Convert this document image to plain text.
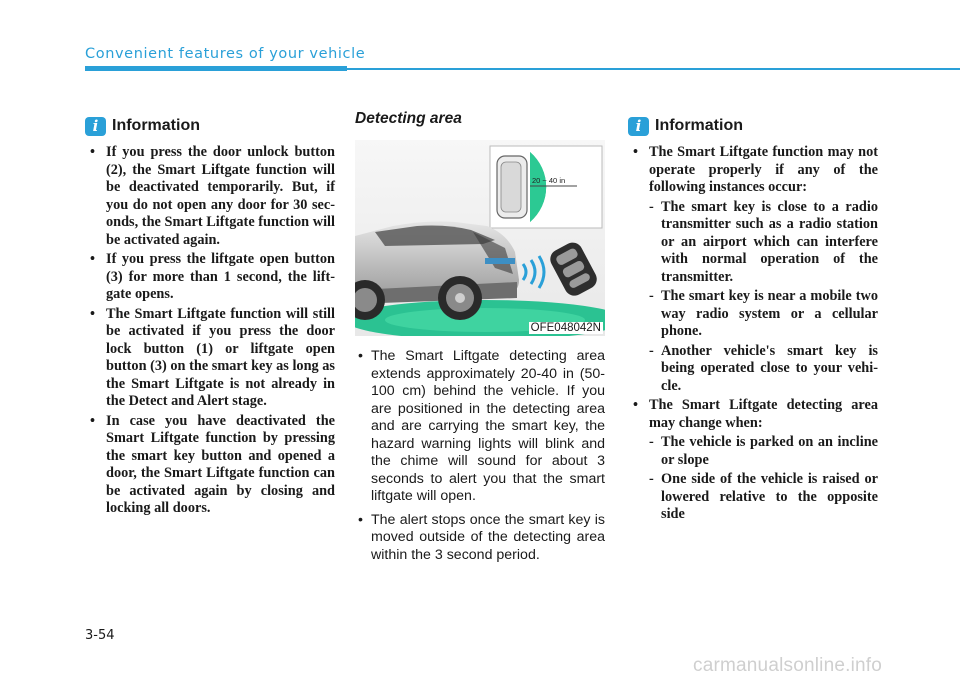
Convenient features of your vehicle
i Information
• If you press the door unlock button (2), the Smart Liftgate function will be deactivated temporarily. But, if you do not open any door for 30 sec-onds, the Smart Liftgate function will be activated again.
• If you press the liftgate open button (3) for more than 1 second, the lift-gate opens.
• The Smart Liftgate function will still be activated if you press the door lock button (1) or liftgate open button (3) on the smart key as long as the Smart Liftgate is not already in the Detect and Alert stage.
• In case you have deactivated the Smart Liftgate function by pressing the smart key button and opened a door, the Smart Liftgate function can be activated again by closing and locking all doors.
Detecting area
20 ~ 40 in
OFE048042N
• The Smart Liftgate detecting area extends approximately 20-40 in (50-100 cm) behind the vehicle. If you are positioned in the detecting area and are carrying the smart key, the hazard warning lights will blink and the chime will sound for about 3 seconds to alert you that the smart liftgate will open.
• The alert stops once the smart key is moved outside of the detecting area within the 3 second period.
i Information
• The Smart Liftgate function may not operate properly if any of the following instances occur:
- The smart key is close to a radio transmitter such as a radio station or an airport which can interfere with normal operation of the transmitter.
- The smart key is near a mobile two way radio system or a cellular phone.
- Another vehicle's smart key is being operated close to your vehi-cle.
• The Smart Liftgate detecting area may change when:
- The vehicle is parked on an incline or slope
- One side of the vehicle is raised or lowered relative to the opposite side
3-54
carmanualsonline.info
